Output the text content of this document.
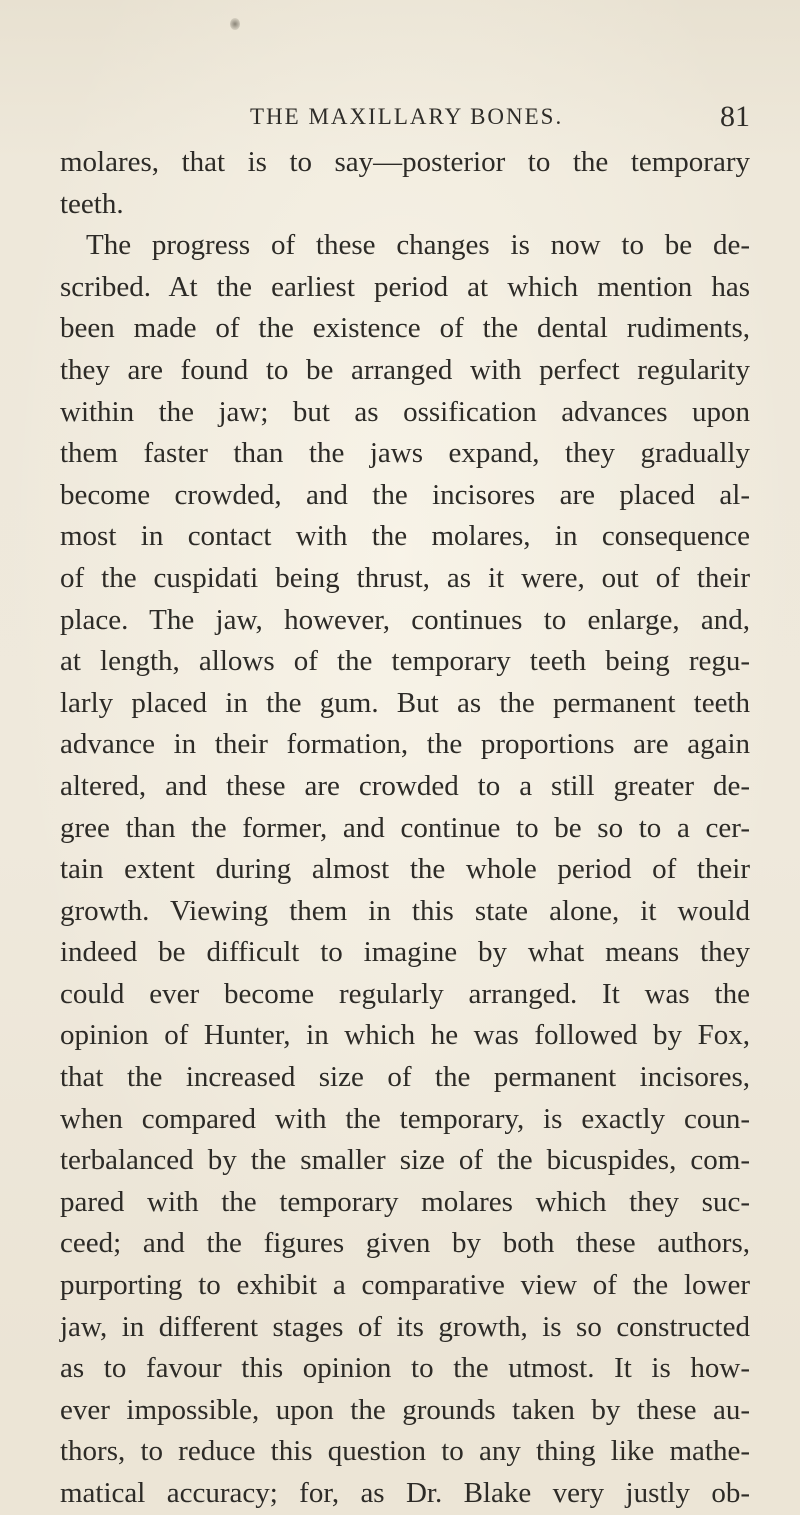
THE MAXILLARY BONES.	81
molares, that is to say—posterior to the temporary
teeth.
The progress of these changes is now to be de-
scribed. At the earliest period at which mention has
been made of the existence of the dental rudiments,
they are found to be arranged with perfect regularity
within the jaw; but as ossification advances upon
them faster than the jaws expand, they gradually
become crowded, and the incisores are placed al-
most in contact with the molares, in consequence
of the cuspidati being thrust, as it were, out of their
place. The jaw, however, continues to enlarge, and,
at length, allows of the temporary teeth being regu-
larly placed in the gum. But as the permanent teeth
advance in their formation, the proportions are again
altered, and these are crowded to a still greater de-
gree than the former, and continue to be so to a cer-
tain extent during almost the whole period of their
growth. Viewing them in this state alone, it would
indeed be difficult to imagine by what means they
could ever become regularly arranged. It was the
opinion of Hunter, in which he was followed by Fox,
that the increased size of the permanent incisores,
when compared with the temporary, is exactly coun-
terbalanced by the smaller size of the bicuspides, com-
pared with the temporary molares which they suc-
ceed; and the figures given by both these authors,
purporting to exhibit a comparative view of the lower
jaw, in different stages of its growth, is so constructed
as to favour this opinion to the utmost. It is how-
ever impossible, upon the grounds taken by these au-
thors, to reduce this question to any thing like mathe-
matical accuracy; for, as Dr. Blake very justly ob-
